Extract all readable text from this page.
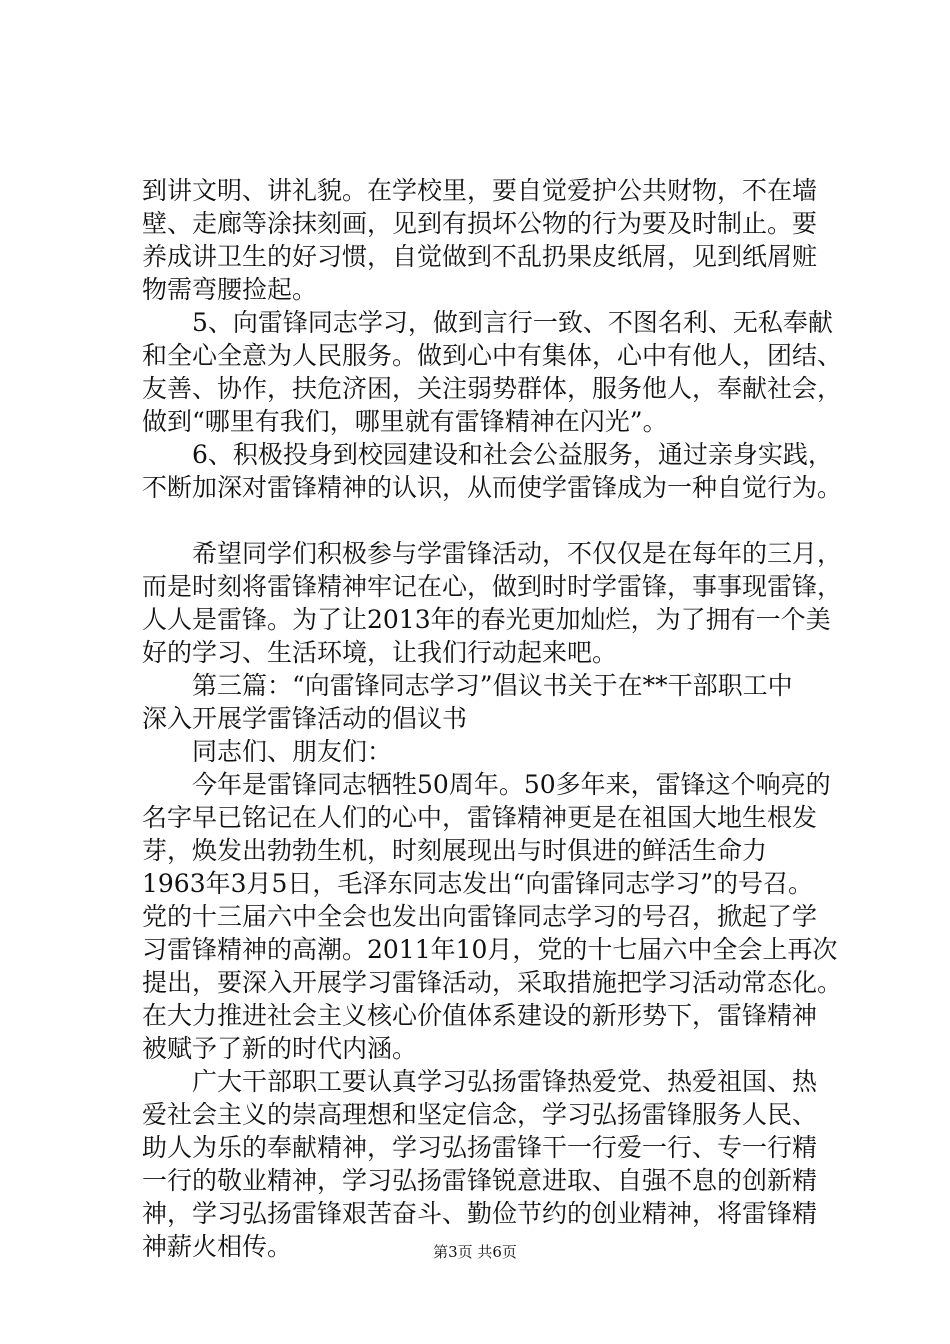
到讲文明、讲礼貌。在学校里，要自觉爱护公共财物，不在墙
壁、走廊等涂抹刻画，见到有损坏公物的行为要及时制止。要
养成讲卫生的好习惯，自觉做到不乱扔果皮纸屑，见到纸屑赃
物需弯腰捡起。
　　5、向雷锋同志学习，做到言行一致、不图名利、无私奉献
和全心全意为人民服务。做到心中有集体，心中有他人，团结、
友善、协作，扶危济困，关注弱势群体，服务他人，奉献社会，
做到“哪里有我们，哪里就有雷锋精神在闪光”。
　　6、积极投身到校园建设和社会公益服务，通过亲身实践，
不断加深对雷锋精神的认识，从而使学雷锋成为一种自觉行为。
　　希望同学们积极参与学雷锋活动，不仅仅是在每年的三月，
而是时刻将雷锋精神牢记在心，做到时时学雷锋，事事现雷锋，
人人是雷锋。为了让2013年的春光更加灿烂，为了拥有一个美
好的学习、生活环境，让我们行动起来吧。
　　第三篇：“向雷锋同志学习”倡议书关于在**干部职工中
深入开展学雷锋活动的倡议书
　　同志们、朋友们：
　　今年是雷锋同志牺牲50周年。50多年来，雷锋这个响亮的
名字早已铭记在人们的心中，雷锋精神更是在祖国大地生根发
芽，焕发出勃勃生机，时刻展现出与时俱进的鲜活生命力
1963年3月5日，毛泽东同志发出“向雷锋同志学习”的号召。
党的十三届六中全会也发出向雷锋同志学习的号召，掀起了学
习雷锋精神的高潮。2011年10月，党的十七届六中全会上再次
提出，要深入开展学习雷锋活动，采取措施把学习活动常态化。
在大力推进社会主义核心价值体系建设的新形势下，雷锋精神
被赋予了新的时代内涵。
　　广大干部职工要认真学习弘扬雷锋热爱党、热爱祖国、热
爱社会主义的崇高理想和坚定信念，学习弘扬雷锋服务人民、
助人为乐的奉献精神，学习弘扬雷锋干一行爱一行、专一行精
一行的敬业精神，学习弘扬雷锋锐意进取、自强不息的创新精
神，学习弘扬雷锋艰苦奋斗、勤俭节约的创业精神，将雷锋精
神薪火相传。	第3页 共6页
